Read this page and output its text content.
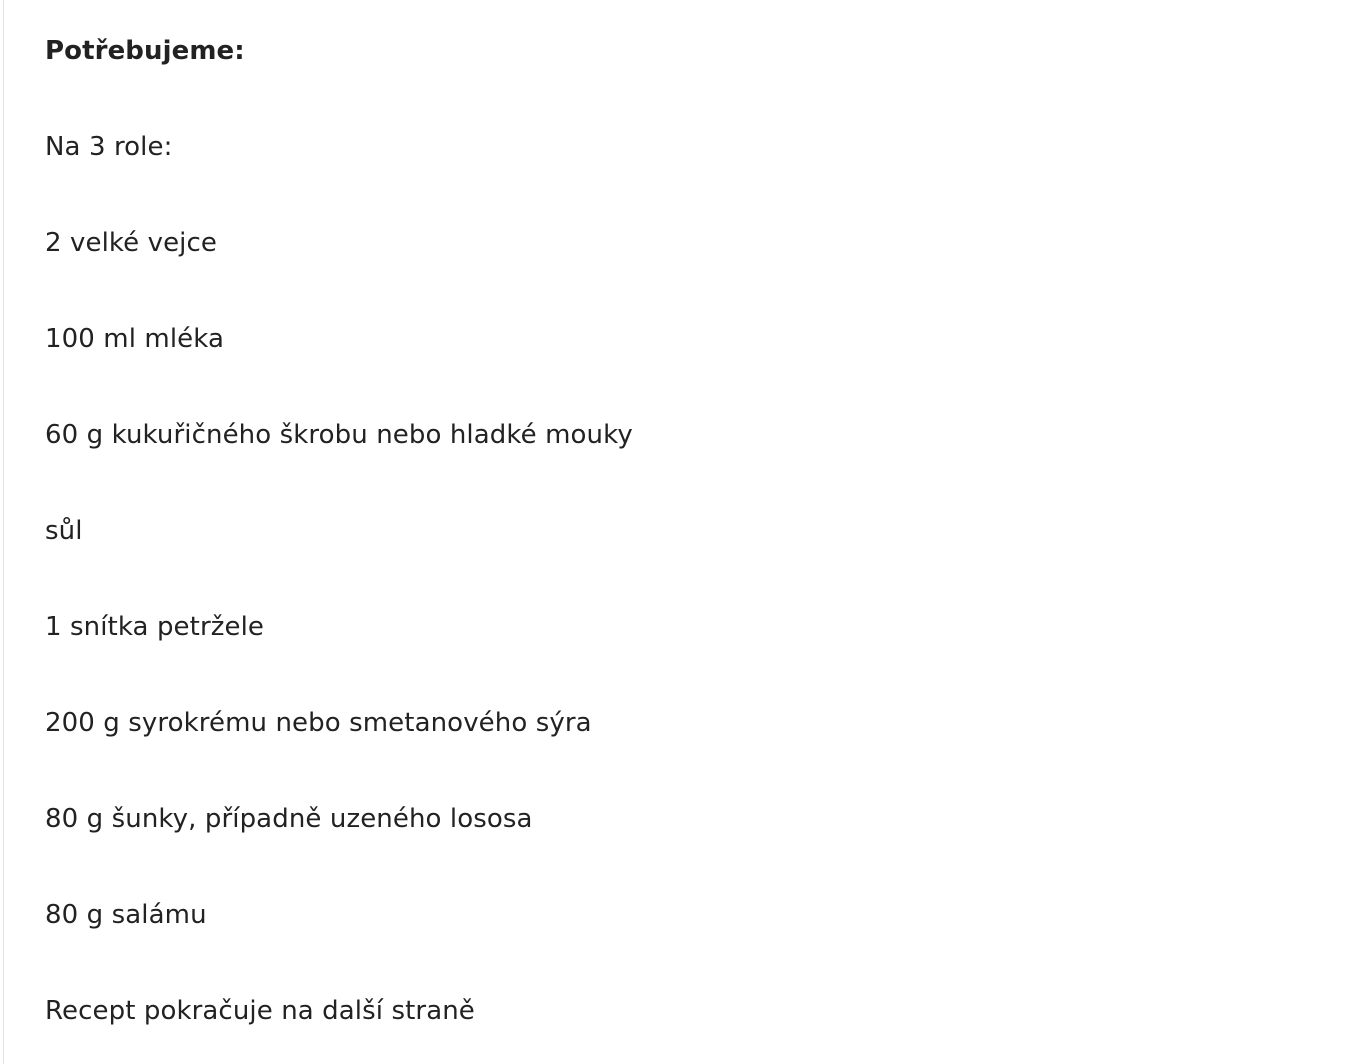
Potřebujeme:
Na 3 role:
2 velké vejce
100 ml mléka
60 g kukuřičného škrobu nebo hladké mouky
sůl
1 snítka petržele
200 g syrokrému nebo smetanového sýra
80 g šunky, případně uzeného lososa
80 g salámu
Recept pokračuje na další straně
